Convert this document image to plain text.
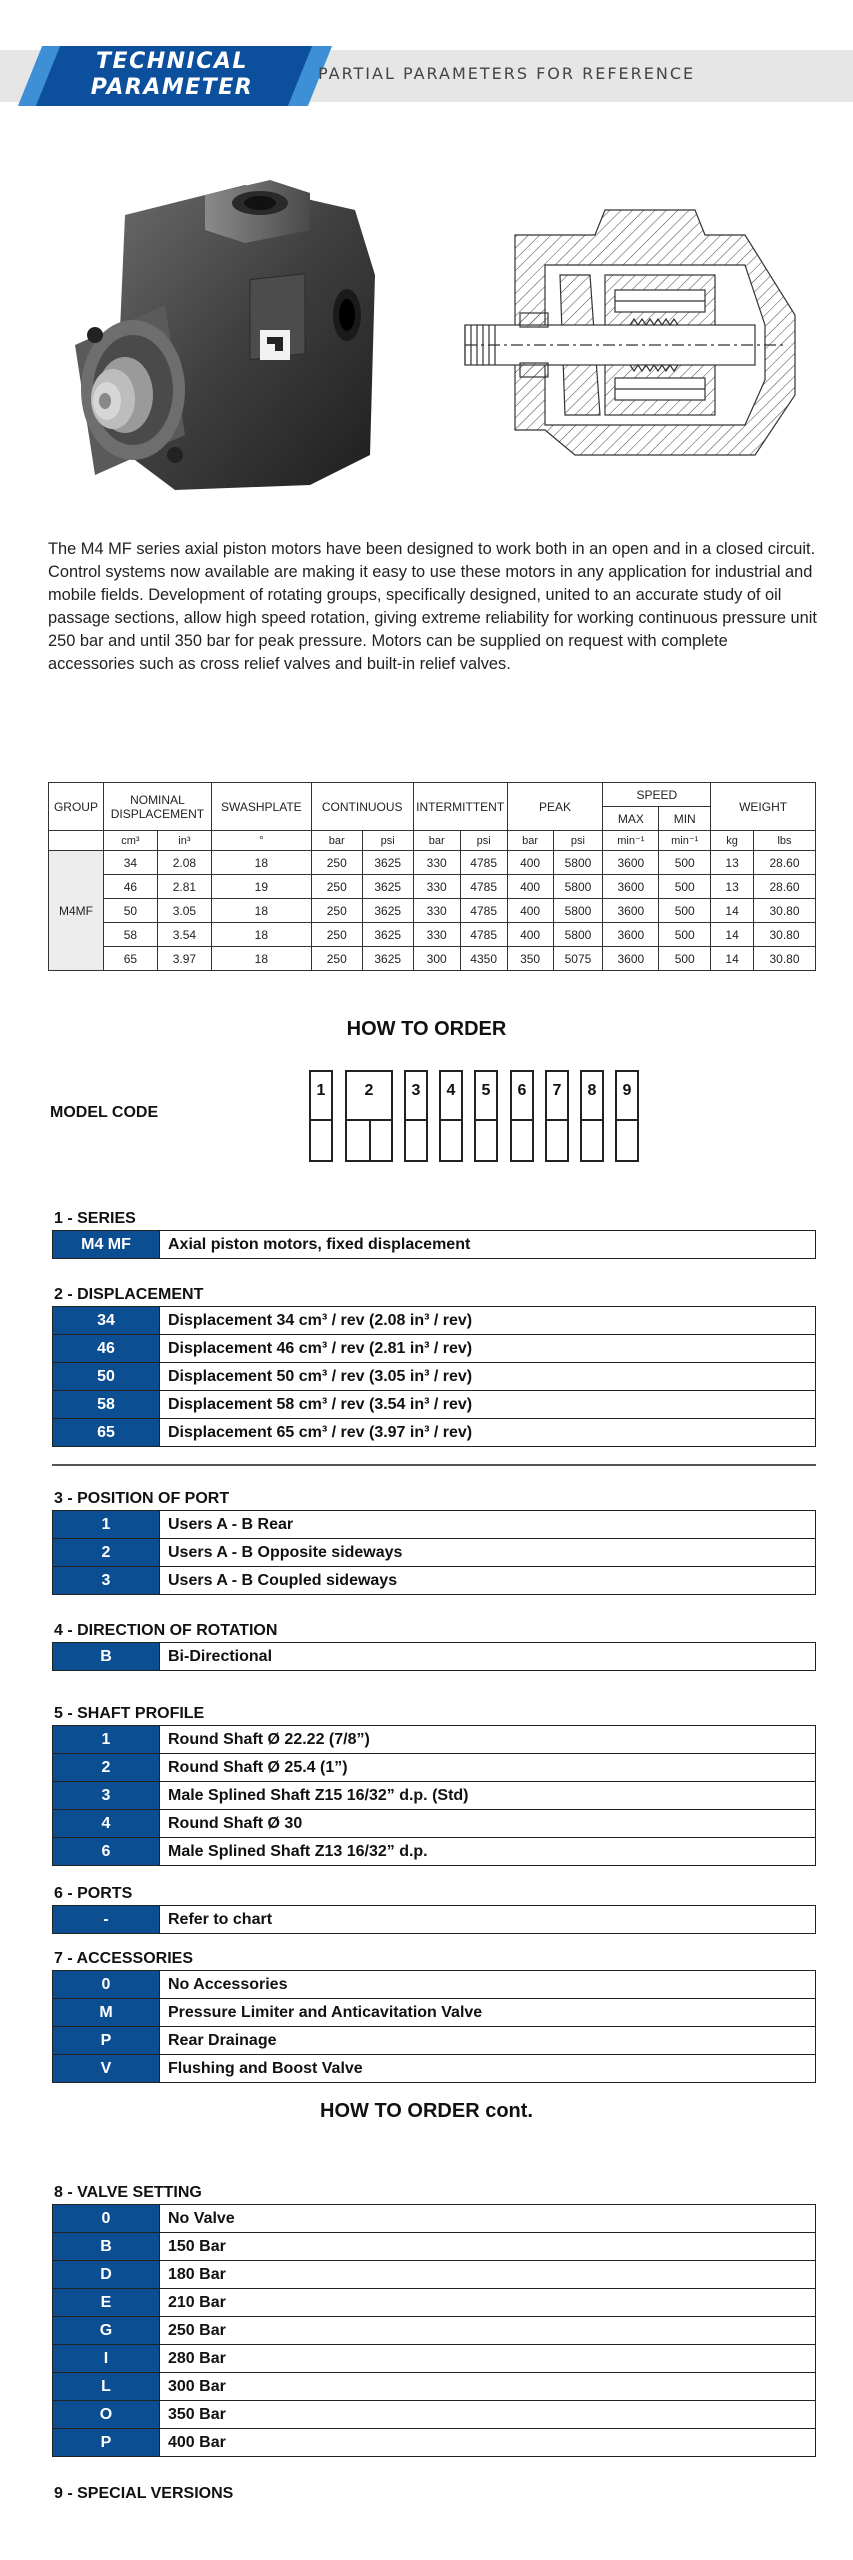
TECHNICAL
PARAMETER
PARTIAL PARAMETERS FOR REFERENCE
The M4 MF series axial piston motors have been designed to work both in an open and in a closed circuit. Control systems now available are making it easy to use these motors in any application for industrial and mobile fields. Development of rotating groups, specifically designed, united to an accurate study of oil passage sections, allow high speed rotation, giving extreme reliability for working continuous pressure unit 250 bar and until 350 bar for peak pressure. Motors can be supplied on request with complete accessories such as cross relief valves and built-in relief valves.
GROUP	NOMINAL DISPLACEMENT		SWASHPLATE	CONTINUOUS		INTERMITTENT		PEAK		SPEED		WEIGHT	
										MAX	MIN		
	cm³	in³	°	bar	psi	bar	psi	bar	psi	min⁻¹	min⁻¹	kg	lbs
M4MF	34	2.08	18	250	3625	330	4785	400	5800	3600	500	13	28.60
	46	2.81	19	250	3625	330	4785	400	5800	3600	500	13	28.60
	50	3.05	18	250	3625	330	4785	400	5800	3600	500	14	30.80
	58	3.54	18	250	3625	330	4785	400	5800	3600	500	14	30.80
	65	3.97	18	250	3625	300	4350	350	5075	3600	500	14	30.80
HOW TO ORDER
MODEL CODE
1	2	3	4	5	6	7	8	9
1 - SERIES
M4 MF	Axial piston motors, fixed displacement
2 - DISPLACEMENT
34	Displacement 34 cm³ / rev (2.08 in³ / rev)
46	Displacement 46 cm³ / rev (2.81 in³ / rev)
50	Displacement 50 cm³ / rev (3.05 in³ / rev)
58	Displacement 58 cm³ / rev (3.54 in³ / rev)
65	Displacement 65 cm³ / rev (3.97 in³ / rev)
3 - POSITION OF PORT
1	Users A - B Rear
2	Users A - B Opposite sideways
3	Users A - B Coupled sideways
4 - DIRECTION OF ROTATION
B	Bi-Directional
5 - SHAFT PROFILE
1	Round Shaft Ø 22.22 (7/8”)
2	Round Shaft Ø 25.4 (1”)
3	Male Splined Shaft Z15 16/32” d.p. (Std)
4	Round Shaft Ø 30
6	Male Splined Shaft Z13 16/32” d.p.
6 - PORTS
-	Refer to chart
7 - ACCESSORIES
0	No Accessories
M	Pressure Limiter and Anticavitation Valve
P	Rear Drainage
V	Flushing and Boost Valve
8 - VALVE SETTING
0	No Valve
B	150 Bar
D	180 Bar
E	210 Bar
G	250 Bar
I	280 Bar
L	300 Bar
O	350 Bar
P	400 Bar
HOW TO ORDER cont.
9 - SPECIAL VERSIONS
